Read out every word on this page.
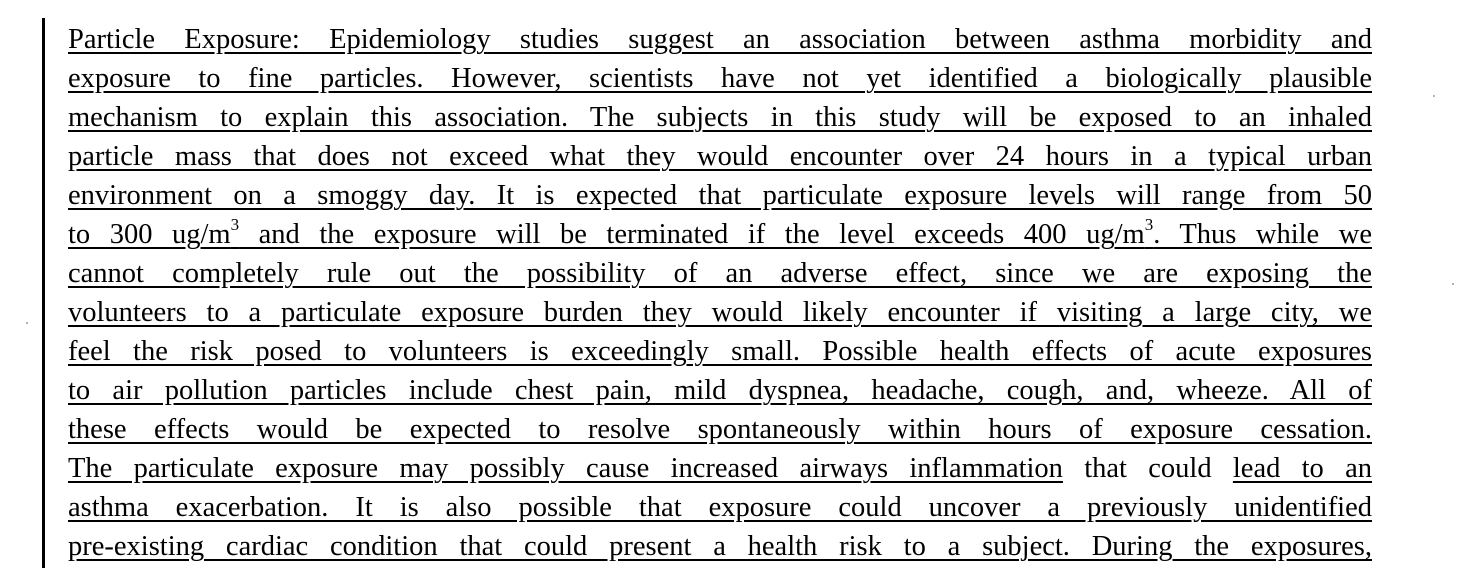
Particle Exposure: Epidemiology studies suggest an association between asthma morbidity and
exposure to fine particles. However, scientists have not yet identified a biologically plausible
mechanism to explain this association. The subjects in this study will be exposed to an inhaled
particle mass that does not exceed what they would encounter over 24 hours in a typical urban
environment on a smoggy day. It is expected that particulate exposure levels will range from 50
to 300 $ug/m^3$ and the exposure will be terminated if the level exceeds 400 $ug/m^3$. Thus while we
cannot completely rule out the possibility of an adverse effect, since we are exposing the
volunteers to a particulate exposure burden they would likely encounter if visiting a large city, we
feel the risk posed to volunteers is exceedingly small. Possible health effects of acute exposures
to air pollution particles include chest pain, mild dyspnea, headache, cough, and, wheeze. All of
these effects would be expected to resolve spontaneously within hours of exposure cessation.
The particulate exposure may possibly cause increased airways inflammation that could lead to an
asthma exacerbation. It is also possible that exposure could uncover a previously unidentified
pre-existing cardiac condition that could present a health risk to a subject. During the exposures,
